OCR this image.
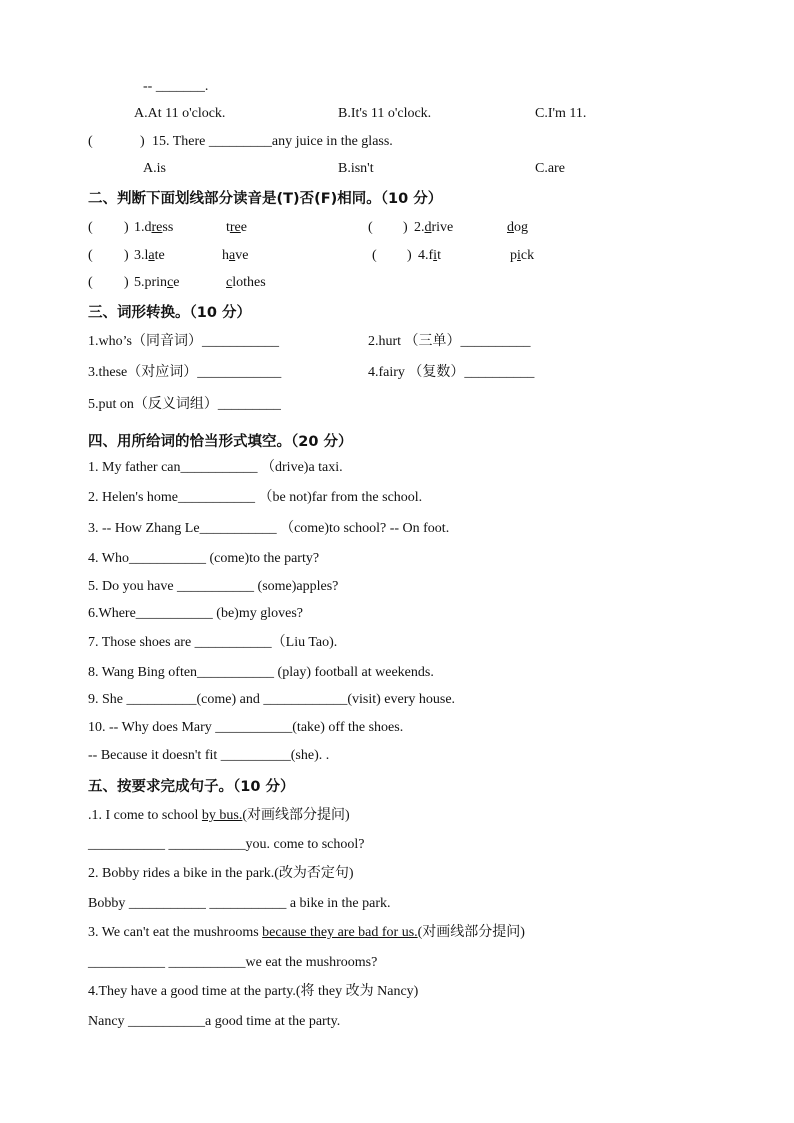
-- _______.
A.At 11 o'clock.	B.It's 11 o'clock.	C.I'm 11.
(	) 15. There _________any juice in the glass.
A.is	B.isn't	C.are
二、判断下面划线部分读音是(T)否(F)相同。（10 分）
( ) 1.dress	tree	( ) 2.drive	dog
( ) 3.late	have	( ) 4.fit	pick
( ) 5.prince	clothes
三、词形转换。（10 分）
1.who’s（同音词）___________	2.hurt （三单）__________
3.these（对应词）____________	4.fairy （复数）__________
5.put on（反义词组）_________
四、用所给词的恰当形式填空。（20 分）
1. My father can___________ （drive)a taxi.
2. Helen's home___________ （be not)far from the school.
3. -- How Zhang Le___________ （come)to school? -- On foot.
4. Who___________ (come)to the party?
5. Do you have ___________ (some)apples?
6.Where___________ (be)my gloves?
7. Those shoes are ___________（Liu Tao).
8. Wang Bing often___________ (play) football at weekends.
9. She __________(come) and ____________(visit) every house.
10. -- Why does Mary ___________(take) off the shoes.
-- Because it doesn't fit __________(she). .
五、按要求完成句子。（10 分）
.1. I come to school by bus.(对画线部分提问)
___________ ___________you. come to school?
2. Bobby rides a bike in the park.(改为否定句)
Bobby ___________ ___________ a bike in the park.
3. We can't eat the mushrooms because they are bad for us.(对画线部分提问)
___________ ___________we eat the mushrooms?
4.They have a good time at the party.(将 they 改为 Nancy)
Nancy ___________a good time at the party.
